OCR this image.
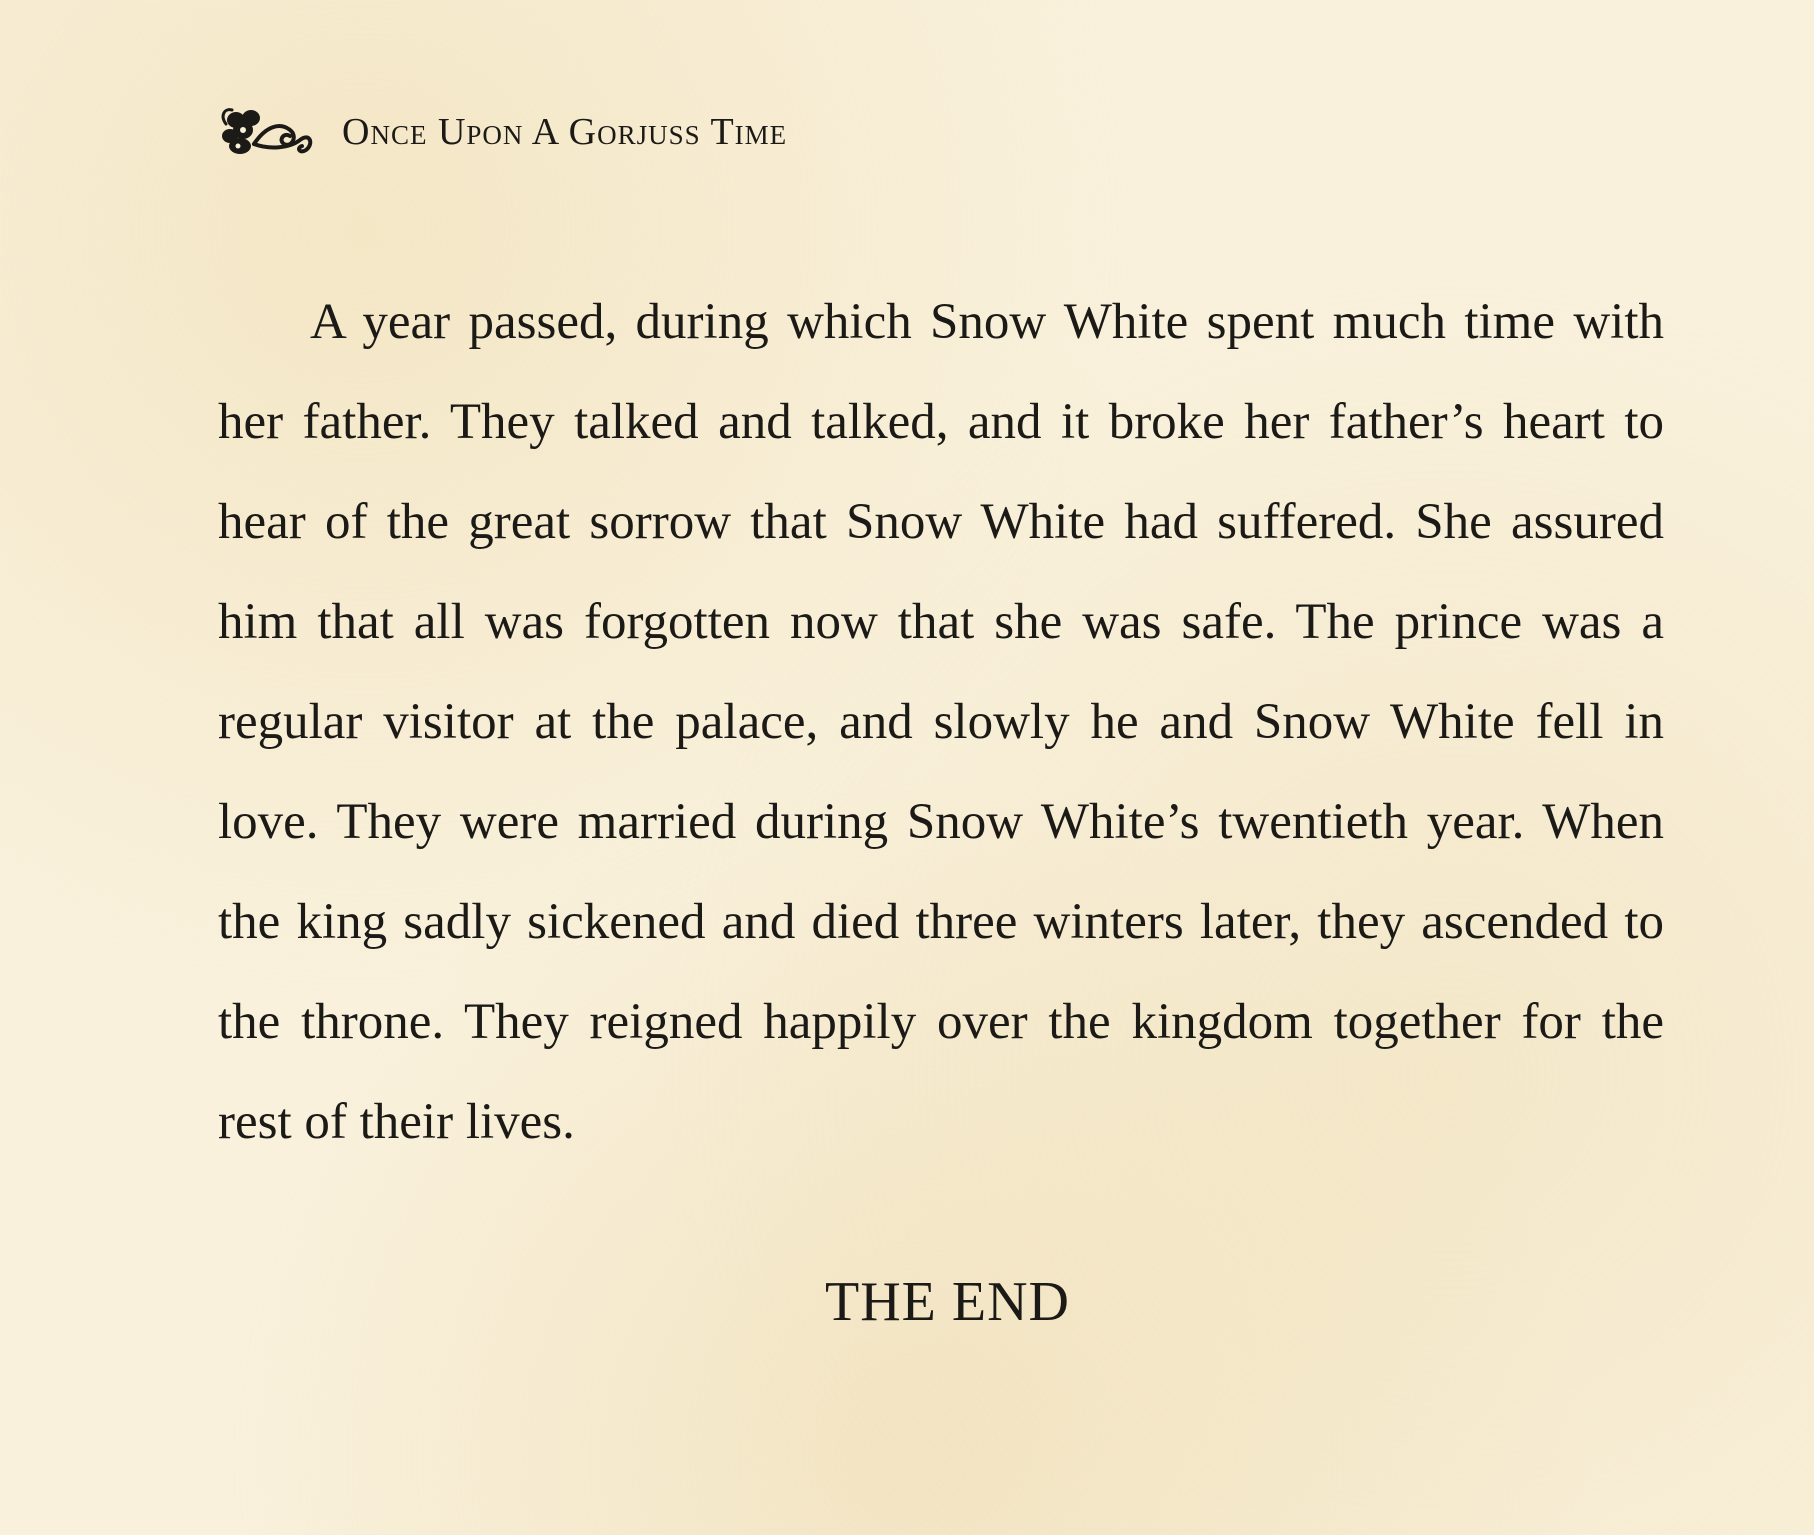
Once Upon A Gorjuss Time

A year passed, during which Snow White spent much time with her father. They talked and talked, and it broke her father’s heart to hear of the great sorrow that Snow White had suffered. She assured him that all was forgotten now that she was safe. The prince was a regular visitor at the palace, and slowly he and Snow White fell in love. They were married during Snow White’s twentieth year. When the king sadly sickened and died three winters later, they ascended to the throne. They reigned happily over the kingdom together for the rest of their lives.

THE END
